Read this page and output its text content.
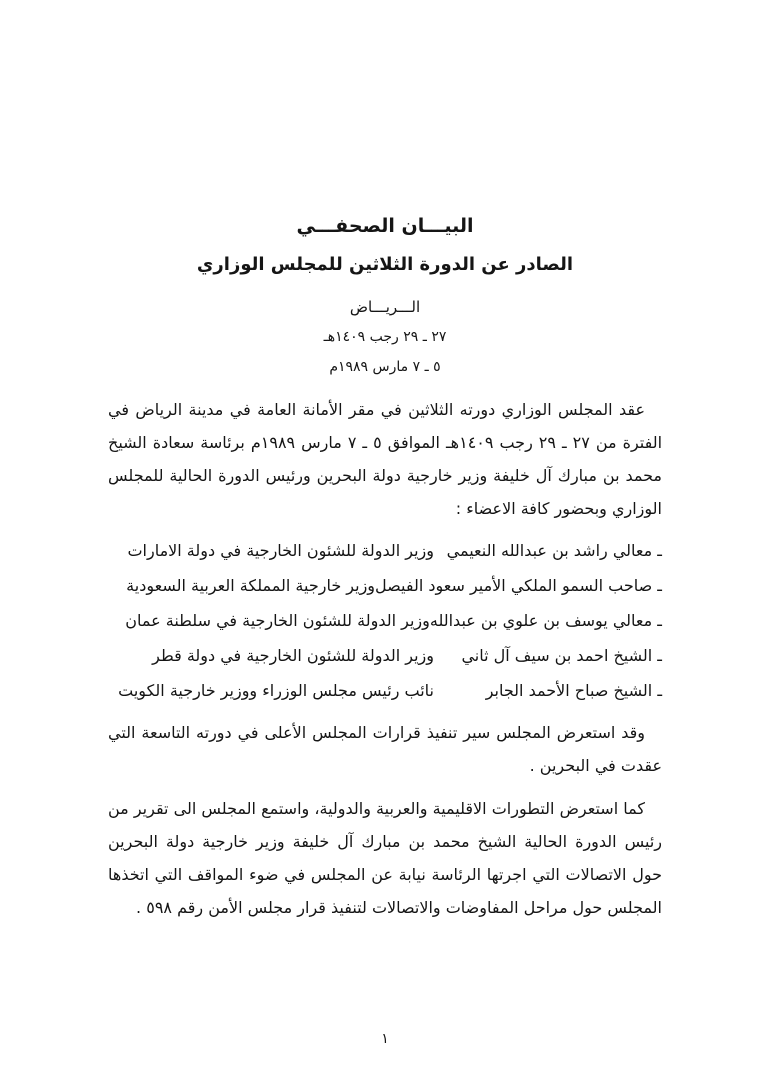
البيـــان الصحفـــي
الصادر عن الدورة الثلاثين للمجلس الوزاري
الـــريـــاض
٢٧ ـ ٢٩ رجب ١٤٠٩هـ
٥ ـ ٧ مارس ١٩٨٩م

عقد المجلس الوزاري دورته الثلاثين في مقر الأمانة العامة في مدينة الرياض في الفترة من ٢٧ ـ ٢٩ رجب ١٤٠٩هـ الموافق ٥ ـ ٧ مارس ١٩٨٩م برئاسة سعادة الشيخ محمد بن مبارك آل خليفة وزير خارجية دولة البحرين ورئيس الدورة الحالية للمجلس الوزاري وبحضور كافة الاعضاء :

ـ معالي راشد بن عبدالله النعيمي
وزير الدولة للشئون الخارجية في دولة الامارات
ـ صاحب السمو الملكي الأمير سعود الفيصل
وزير خارجية المملكة العربية السعودية
ـ معالي يوسف بن علوي بن عبدالله
وزير الدولة للشئون الخارجية في سلطنة عمان
ـ الشيخ احمد بن سيف آل ثاني
وزير الدولة للشئون الخارجية في دولة قطر
ـ الشيخ صباح الأحمد الجابر
نائب رئيس مجلس الوزراء ووزير خارجية الكويت

وقد استعرض المجلس سير تنفيذ قرارات المجلس الأعلى في دورته التاسعة التي عقدت في البحرين .

كما استعرض التطورات الاقليمية والعربية والدولية، واستمع المجلس الى تقرير من رئيس الدورة الحالية الشيخ محمد بن مبارك آل خليفة وزير خارجية دولة البحرين حول الاتصالات التي اجرتها الرئاسة نيابة عن المجلس في ضوء المواقف التي اتخذها المجلس حول مراحل المفاوضات والاتصالات لتنفيذ قرار مجلس الأمن رقم ٥٩٨ .

١
